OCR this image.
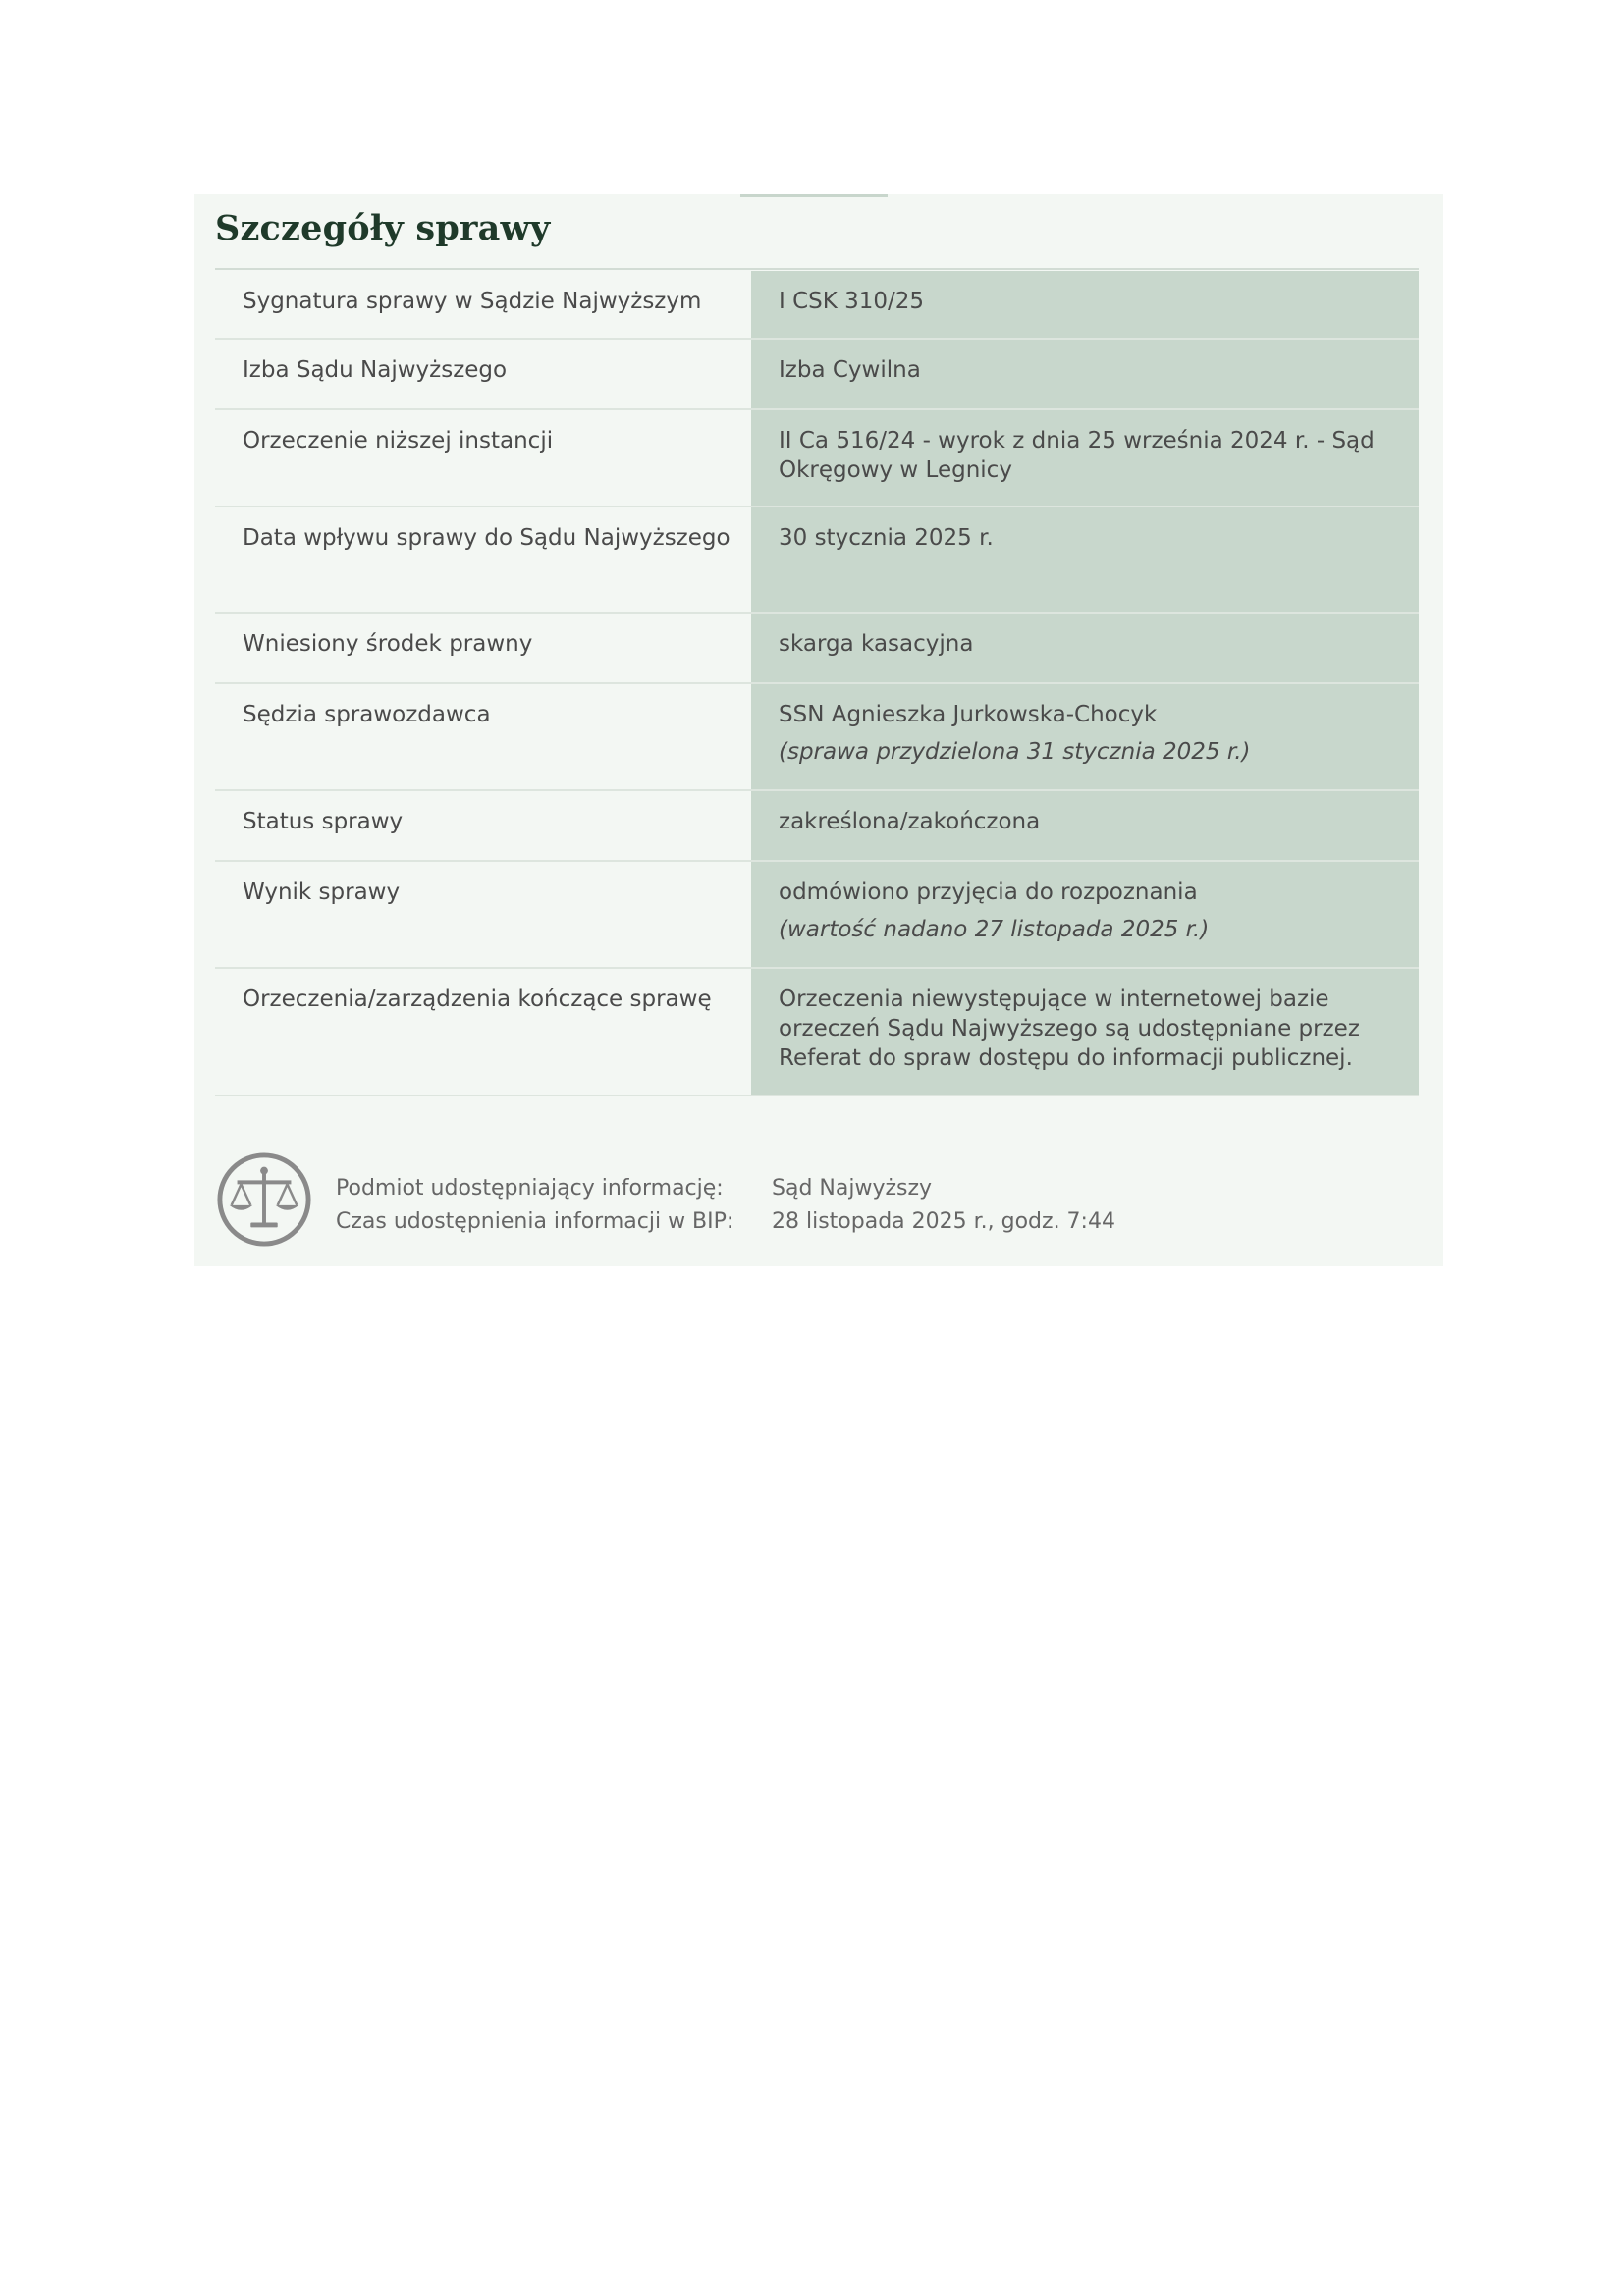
Szczegóły sprawy
Sygnatura sprawy w Sądzie Najwyższym	I CSK 310/25
Izba Sądu Najwyższego	Izba Cywilna
Orzeczenie niższej instancji	II Ca 516/24 - wyrok z dnia 25 września 2024 r. - Sąd Okręgowy w Legnicy
Data wpływu sprawy do Sądu Najwyższego	30 stycznia 2025 r.
Wniesiony środek prawny	skarga kasacyjna
Sędzia sprawozdawca	SSN Agnieszka Jurkowska-Chocyk
(sprawa przydzielona 31 stycznia 2025 r.)

Status sprawy	zakreślona/zakończona
Wynik sprawy	odmówiono przyjęcia do rozpoznania
(wartość nadano 27 listopada 2025 r.)

Orzeczenia/zarządzenia kończące sprawę	Orzeczenia niewystępujące w internetowej bazie orzeczeń Sądu Najwyższego są udostępniane przez Referat do spraw dostępu do informacji publicznej.
Podmiot udostępniający informację: Sąd Najwyższy
Czas udostępnienia informacji w BIP: 28 listopada 2025 r., godz. 7:44
